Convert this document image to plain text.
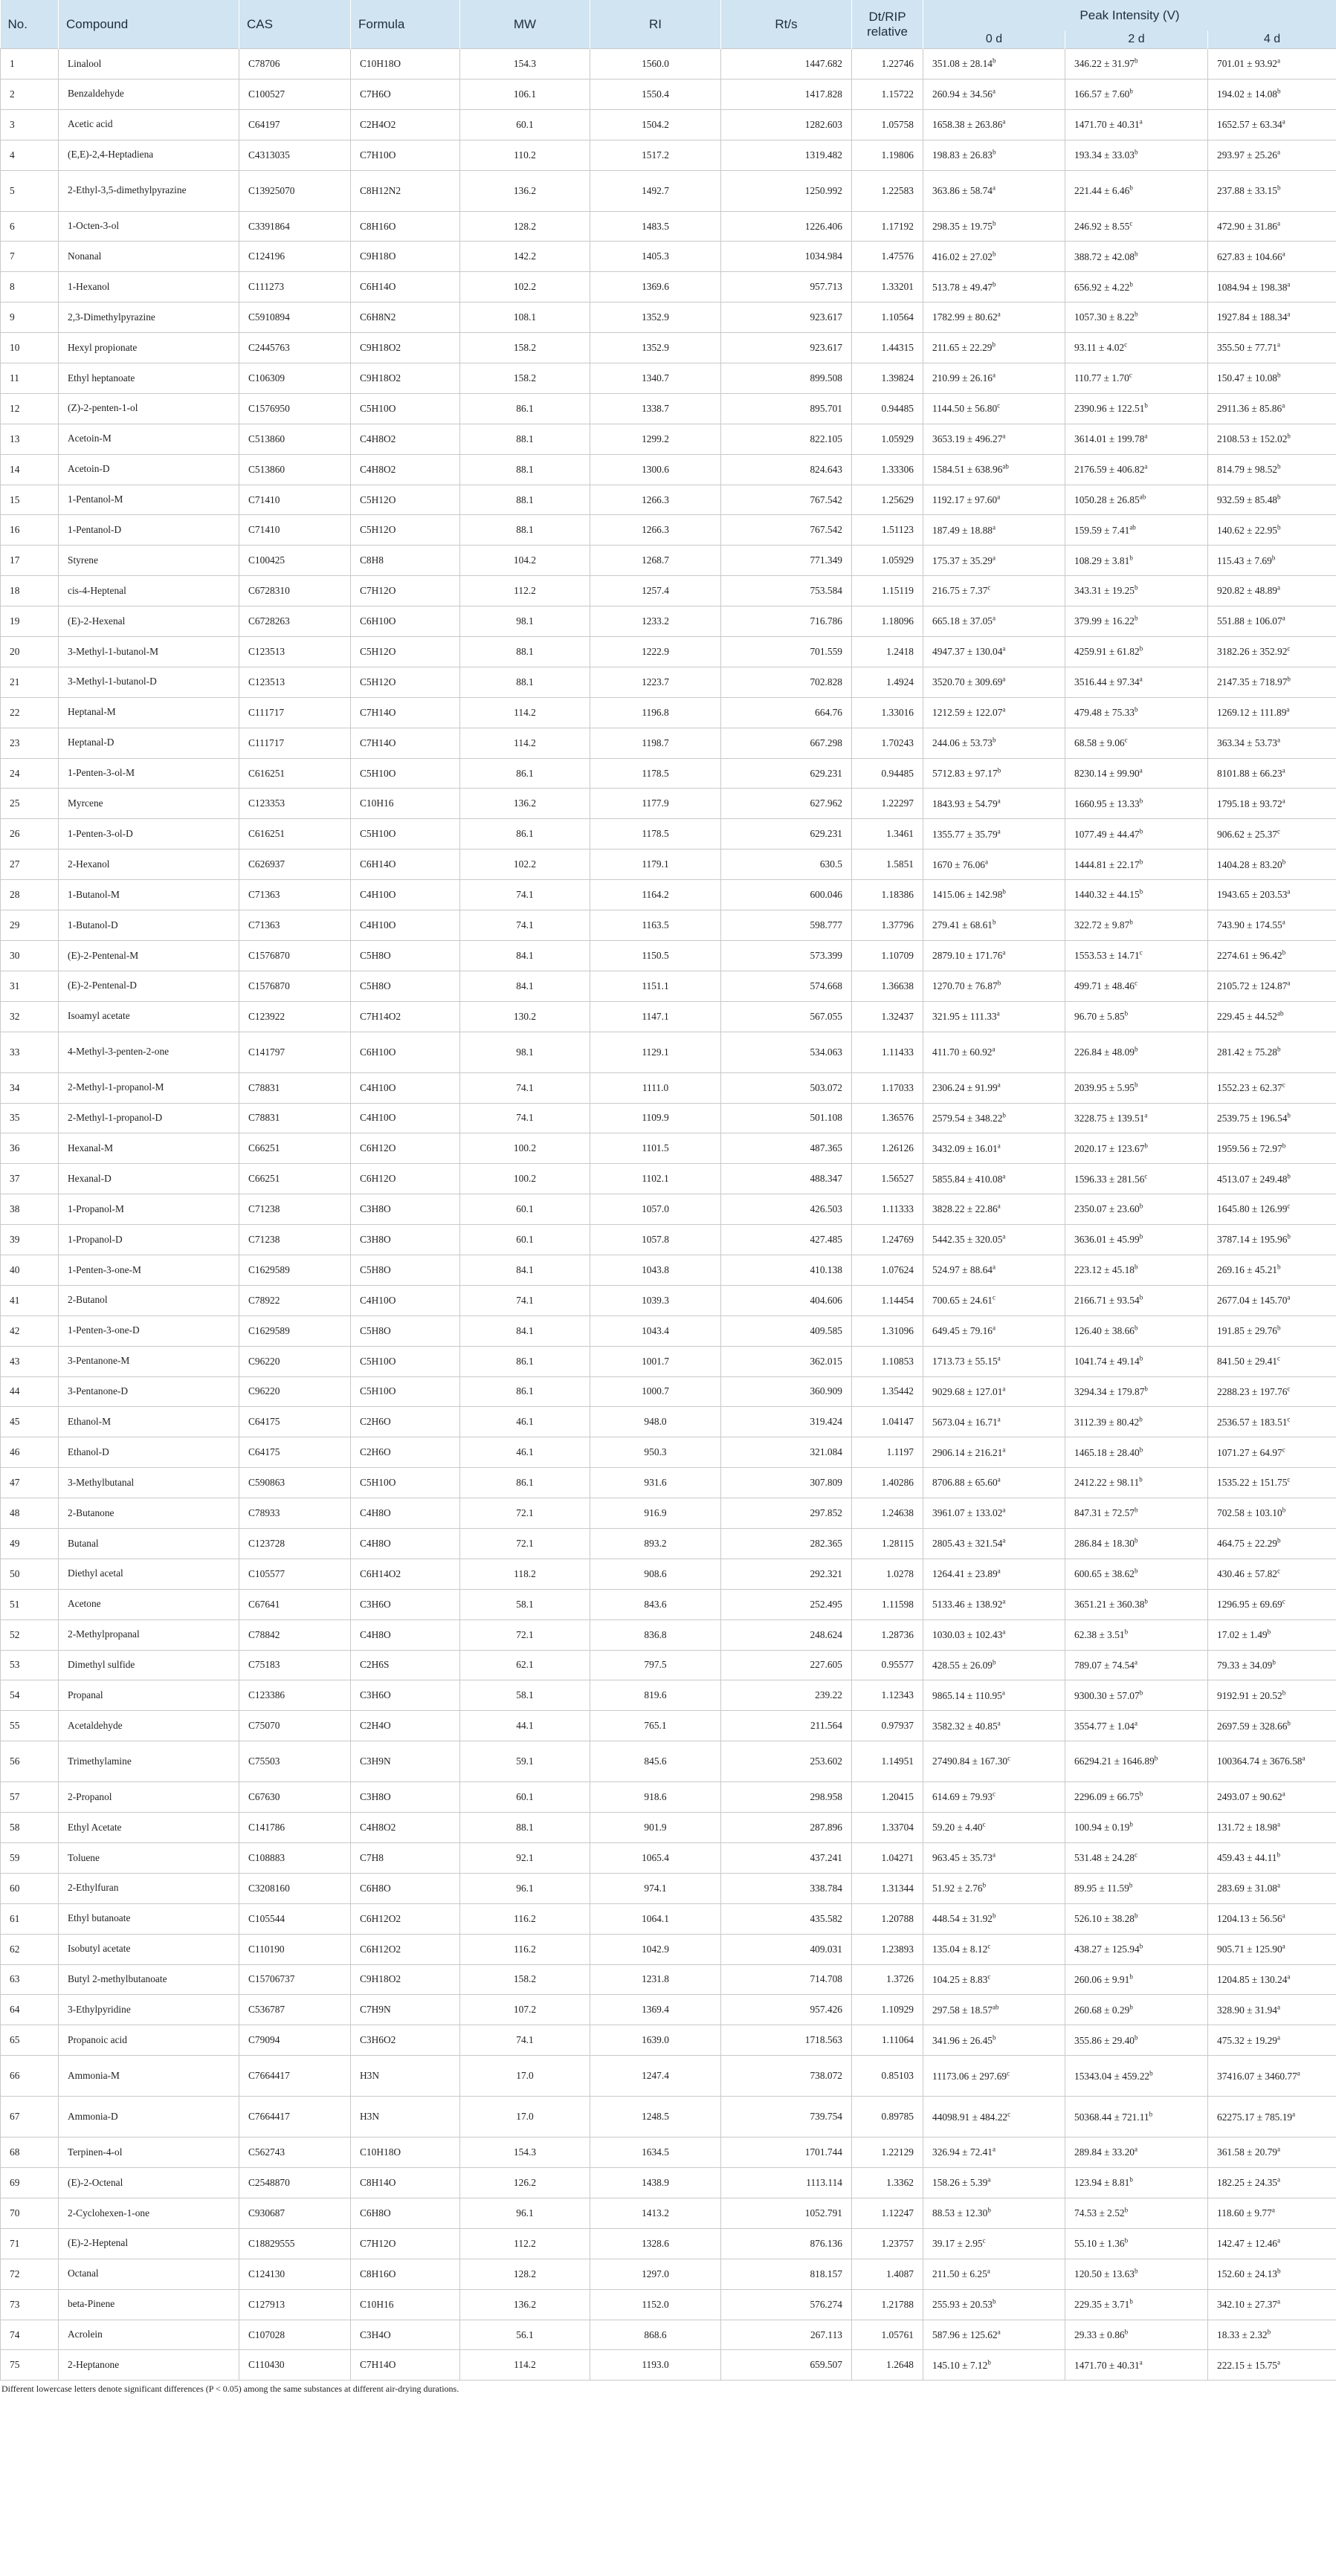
No.	Compound	CAS	Formula	MW	RI	Rt/s	Dt/RIP relative	Peak Intensity (V)		
								0 d	2 d	4 d
1	Linalool	C78706	C10H18O	154.3	1560.0	1447.682	1.22746	351.08 ± 28.14$^b$	346.22 ± 31.97$^b$	701.01 ± 93.92$^a$
2	Benzaldehyde	C100527	C7H6O	106.1	1550.4	1417.828	1.15722	260.94 ± 34.56$^a$	166.57 ± 7.60$^b$	194.02 ± 14.08$^b$
3	Acetic acid	C64197	C2H4O2	60.1	1504.2	1282.603	1.05758	1658.38 ± 263.86$^a$	1471.70 ± 40.31$^a$	1652.57 ± 63.34$^a$
4	(E,E)-2,4-Heptadiena	C4313035	C7H10O	110.2	1517.2	1319.482	1.19806	198.83 ± 26.83$^b$	193.34 ± 33.03$^b$	293.97 ± 25.26$^a$
5	2-Ethyl-3,5-dimethylpyrazine	C13925070	C8H12N2	136.2	1492.7	1250.992	1.22583	363.86 ± 58.74$^a$	221.44 ± 6.46$^b$	237.88 ± 33.15$^b$
6	1-Octen-3-ol	C3391864	C8H16O	128.2	1483.5	1226.406	1.17192	298.35 ± 19.75$^b$	246.92 ± 8.55$^c$	472.90 ± 31.86$^a$
7	Nonanal	C124196	C9H18O	142.2	1405.3	1034.984	1.47576	416.02 ± 27.02$^b$	388.72 ± 42.08$^b$	627.83 ± 104.66$^a$
8	1-Hexanol	C111273	C6H14O	102.2	1369.6	957.713	1.33201	513.78 ± 49.47$^b$	656.92 ± 4.22$^b$	1084.94 ± 198.38$^a$
9	2,3-Dimethylpyrazine	C5910894	C6H8N2	108.1	1352.9	923.617	1.10564	1782.99 ± 80.62$^a$	1057.30 ± 8.22$^b$	1927.84 ± 188.34$^a$
10	Hexyl propionate	C2445763	C9H18O2	158.2	1352.9	923.617	1.44315	211.65 ± 22.29$^b$	93.11 ± 4.02$^c$	355.50 ± 77.71$^a$
11	Ethyl heptanoate	C106309	C9H18O2	158.2	1340.7	899.508	1.39824	210.99 ± 26.16$^a$	110.77 ± 1.70$^c$	150.47 ± 10.08$^b$
12	(Z)-2-penten-1-ol	C1576950	C5H10O	86.1	1338.7	895.701	0.94485	1144.50 ± 56.80$^c$	2390.96 ± 122.51$^b$	2911.36 ± 85.86$^a$
13	Acetoin-M	C513860	C4H8O2	88.1	1299.2	822.105	1.05929	3653.19 ± 496.27$^a$	3614.01 ± 199.78$^a$	2108.53 ± 152.02$^b$
14	Acetoin-D	C513860	C4H8O2	88.1	1300.6	824.643	1.33306	1584.51 ± 638.96$^{ab}$	2176.59 ± 406.82$^a$	814.79 ± 98.52$^b$
15	1-Pentanol-M	C71410	C5H12O	88.1	1266.3	767.542	1.25629	1192.17 ± 97.60$^a$	1050.28 ± 26.85$^{ab}$	932.59 ± 85.48$^b$
16	1-Pentanol-D	C71410	C5H12O	88.1	1266.3	767.542	1.51123	187.49 ± 18.88$^a$	159.59 ± 7.41$^{ab}$	140.62 ± 22.95$^b$
17	Styrene	C100425	C8H8	104.2	1268.7	771.349	1.05929	175.37 ± 35.29$^a$	108.29 ± 3.81$^b$	115.43 ± 7.69$^b$
18	cis-4-Heptenal	C6728310	C7H12O	112.2	1257.4	753.584	1.15119	216.75 ± 7.37$^c$	343.31 ± 19.25$^b$	920.82 ± 48.89$^a$
19	(E)-2-Hexenal	C6728263	C6H10O	98.1	1233.2	716.786	1.18096	665.18 ± 37.05$^a$	379.99 ± 16.22$^b$	551.88 ± 106.07$^a$
20	3-Methyl-1-butanol-M	C123513	C5H12O	88.1	1222.9	701.559	1.2418	4947.37 ± 130.04$^a$	4259.91 ± 61.82$^b$	3182.26 ± 352.92$^c$
21	3-Methyl-1-butanol-D	C123513	C5H12O	88.1	1223.7	702.828	1.4924	3520.70 ± 309.69$^a$	3516.44 ± 97.34$^a$	2147.35 ± 718.97$^b$
22	Heptanal-M	C111717	C7H14O	114.2	1196.8	664.76	1.33016	1212.59 ± 122.07$^a$	479.48 ± 75.33$^b$	1269.12 ± 111.89$^a$
23	Heptanal-D	C111717	C7H14O	114.2	1198.7	667.298	1.70243	244.06 ± 53.73$^b$	68.58 ± 9.06$^c$	363.34 ± 53.73$^a$
24	1-Penten-3-ol-M	C616251	C5H10O	86.1	1178.5	629.231	0.94485	5712.83 ± 97.17$^b$	8230.14 ± 99.90$^a$	8101.88 ± 66.23$^a$
25	Myrcene	C123353	C10H16	136.2	1177.9	627.962	1.22297	1843.93 ± 54.79$^a$	1660.95 ± 13.33$^b$	1795.18 ± 93.72$^a$
26	1-Penten-3-ol-D	C616251	C5H10O	86.1	1178.5	629.231	1.3461	1355.77 ± 35.79$^a$	1077.49 ± 44.47$^b$	906.62 ± 25.37$^c$
27	2-Hexanol	C626937	C6H14O	102.2	1179.1	630.5	1.5851	1670 ± 76.06$^a$	1444.81 ± 22.17$^b$	1404.28 ± 83.20$^b$
28	1-Butanol-M	C71363	C4H10O	74.1	1164.2	600.046	1.18386	1415.06 ± 142.98$^b$	1440.32 ± 44.15$^b$	1943.65 ± 203.53$^a$
29	1-Butanol-D	C71363	C4H10O	74.1	1163.5	598.777	1.37796	279.41 ± 68.61$^b$	322.72 ± 9.87$^b$	743.90 ± 174.55$^a$
30	(E)-2-Pentenal-M	C1576870	C5H8O	84.1	1150.5	573.399	1.10709	2879.10 ± 171.76$^a$	1553.53 ± 14.71$^c$	2274.61 ± 96.42$^b$
31	(E)-2-Pentenal-D	C1576870	C5H8O	84.1	1151.1	574.668	1.36638	1270.70 ± 76.87$^b$	499.71 ± 48.46$^c$	2105.72 ± 124.87$^a$
32	Isoamyl acetate	C123922	C7H14O2	130.2	1147.1	567.055	1.32437	321.95 ± 111.33$^a$	96.70 ± 5.85$^b$	229.45 ± 44.52$^{ab}$
33	4-Methyl-3-penten-2-one	C141797	C6H10O	98.1	1129.1	534.063	1.11433	411.70 ± 60.92$^a$	226.84 ± 48.09$^b$	281.42 ± 75.28$^b$
34	2-Methyl-1-propanol-M	C78831	C4H10O	74.1	1111.0	503.072	1.17033	2306.24 ± 91.99$^a$	2039.95 ± 5.95$^b$	1552.23 ± 62.37$^c$
35	2-Methyl-1-propanol-D	C78831	C4H10O	74.1	1109.9	501.108	1.36576	2579.54 ± 348.22$^b$	3228.75 ± 139.51$^a$	2539.75 ± 196.54$^b$
36	Hexanal-M	C66251	C6H12O	100.2	1101.5	487.365	1.26126	3432.09 ± 16.01$^a$	2020.17 ± 123.67$^b$	1959.56 ± 72.97$^b$
37	Hexanal-D	C66251	C6H12O	100.2	1102.1	488.347	1.56527	5855.84 ± 410.08$^a$	1596.33 ± 281.56$^c$	4513.07 ± 249.48$^b$
38	1-Propanol-M	C71238	C3H8O	60.1	1057.0	426.503	1.11333	3828.22 ± 22.86$^a$	2350.07 ± 23.60$^b$	1645.80 ± 126.99$^c$
39	1-Propanol-D	C71238	C3H8O	60.1	1057.8	427.485	1.24769	5442.35 ± 320.05$^a$	3636.01 ± 45.99$^b$	3787.14 ± 195.96$^b$
40	1-Penten-3-one-M	C1629589	C5H8O	84.1	1043.8	410.138	1.07624	524.97 ± 88.64$^a$	223.12 ± 45.18$^b$	269.16 ± 45.21$^b$
41	2-Butanol	C78922	C4H10O	74.1	1039.3	404.606	1.14454	700.65 ± 24.61$^c$	2166.71 ± 93.54$^b$	2677.04 ± 145.70$^a$
42	1-Penten-3-one-D	C1629589	C5H8O	84.1	1043.4	409.585	1.31096	649.45 ± 79.16$^a$	126.40 ± 38.66$^b$	191.85 ± 29.76$^b$
43	3-Pentanone-M	C96220	C5H10O	86.1	1001.7	362.015	1.10853	1713.73 ± 55.15$^a$	1041.74 ± 49.14$^b$	841.50 ± 29.41$^c$
44	3-Pentanone-D	C96220	C5H10O	86.1	1000.7	360.909	1.35442	9029.68 ± 127.01$^a$	3294.34 ± 179.87$^b$	2288.23 ± 197.76$^c$
45	Ethanol-M	C64175	C2H6O	46.1	948.0	319.424	1.04147	5673.04 ± 16.71$^a$	3112.39 ± 80.42$^b$	2536.57 ± 183.51$^c$
46	Ethanol-D	C64175	C2H6O	46.1	950.3	321.084	1.1197	2906.14 ± 216.21$^a$	1465.18 ± 28.40$^b$	1071.27 ± 64.97$^c$
47	3-Methylbutanal	C590863	C5H10O	86.1	931.6	307.809	1.40286	8706.88 ± 65.60$^a$	2412.22 ± 98.11$^b$	1535.22 ± 151.75$^c$
48	2-Butanone	C78933	C4H8O	72.1	916.9	297.852	1.24638	3961.07 ± 133.02$^a$	847.31 ± 72.57$^b$	702.58 ± 103.10$^b$
49	Butanal	C123728	C4H8O	72.1	893.2	282.365	1.28115	2805.43 ± 321.54$^a$	286.84 ± 18.30$^b$	464.75 ± 22.29$^b$
50	Diethyl acetal	C105577	C6H14O2	118.2	908.6	292.321	1.0278	1264.41 ± 23.89$^a$	600.65 ± 38.62$^b$	430.46 ± 57.82$^c$
51	Acetone	C67641	C3H6O	58.1	843.6	252.495	1.11598	5133.46 ± 138.92$^a$	3651.21 ± 360.38$^b$	1296.95 ± 69.69$^c$
52	2-Methylpropanal	C78842	C4H8O	72.1	836.8	248.624	1.28736	1030.03 ± 102.43$^a$	62.38 ± 3.51$^b$	17.02 ± 1.49$^b$
53	Dimethyl sulfide	C75183	C2H6S	62.1	797.5	227.605	0.95577	428.55 ± 26.09$^b$	789.07 ± 74.54$^a$	79.33 ± 34.09$^b$
54	Propanal	C123386	C3H6O	58.1	819.6	239.22	1.12343	9865.14 ± 110.95$^a$	9300.30 ± 57.07$^b$	9192.91 ± 20.52$^b$
55	Acetaldehyde	C75070	C2H4O	44.1	765.1	211.564	0.97937	3582.32 ± 40.85$^a$	3554.77 ± 1.04$^a$	2697.59 ± 328.66$^b$
56	Trimethylamine	C75503	C3H9N	59.1	845.6	253.602	1.14951	27490.84 ± 167.30$^c$	66294.21 ± 1646.89$^b$	100364.74 ± 3676.58$^a$
57	2-Propanol	C67630	C3H8O	60.1	918.6	298.958	1.20415	614.69 ± 79.93$^c$	2296.09 ± 66.75$^b$	2493.07 ± 90.62$^a$
58	Ethyl Acetate	C141786	C4H8O2	88.1	901.9	287.896	1.33704	59.20 ± 4.40$^c$	100.94 ± 0.19$^b$	131.72 ± 18.98$^a$
59	Toluene	C108883	C7H8	92.1	1065.4	437.241	1.04271	963.45 ± 35.73$^a$	531.48 ± 24.28$^c$	459.43 ± 44.11$^b$
60	2-Ethylfuran	C3208160	C6H8O	96.1	974.1	338.784	1.31344	51.92 ± 2.76$^b$	89.95 ± 11.59$^b$	283.69 ± 31.08$^a$
61	Ethyl butanoate	C105544	C6H12O2	116.2	1064.1	435.582	1.20788	448.54 ± 31.92$^b$	526.10 ± 38.28$^b$	1204.13 ± 56.56$^a$
62	Isobutyl acetate	C110190	C6H12O2	116.2	1042.9	409.031	1.23893	135.04 ± 8.12$^c$	438.27 ± 125.94$^b$	905.71 ± 125.90$^a$
63	Butyl 2-methylbutanoate	C15706737	C9H18O2	158.2	1231.8	714.708	1.3726	104.25 ± 8.83$^c$	260.06 ± 9.91$^b$	1204.85 ± 130.24$^a$
64	3-Ethylpyridine	C536787	C7H9N	107.2	1369.4	957.426	1.10929	297.58 ± 18.57$^{ab}$	260.68 ± 0.29$^b$	328.90 ± 31.94$^a$
65	Propanoic acid	C79094	C3H6O2	74.1	1639.0	1718.563	1.11064	341.96 ± 26.45$^b$	355.86 ± 29.40$^b$	475.32 ± 19.29$^a$
66	Ammonia-M	C7664417	H3N	17.0	1247.4	738.072	0.85103	11173.06 ± 297.69$^c$	15343.04 ± 459.22$^b$	37416.07 ± 3460.77$^a$
67	Ammonia-D	C7664417	H3N	17.0	1248.5	739.754	0.89785	44098.91 ± 484.22$^c$	50368.44 ± 721.11$^b$	62275.17 ± 785.19$^a$
68	Terpinen-4-ol	C562743	C10H18O	154.3	1634.5	1701.744	1.22129	326.94 ± 72.41$^a$	289.84 ± 33.20$^a$	361.58 ± 20.79$^a$
69	(E)-2-Octenal	C2548870	C8H14O	126.2	1438.9	1113.114	1.3362	158.26 ± 5.39$^a$	123.94 ± 8.81$^b$	182.25 ± 24.35$^a$
70	2-Cyclohexen-1-one	C930687	C6H8O	96.1	1413.2	1052.791	1.12247	88.53 ± 12.30$^b$	74.53 ± 2.52$^b$	118.60 ± 9.77$^a$
71	(E)-2-Heptenal	C18829555	C7H12O	112.2	1328.6	876.136	1.23757	39.17 ± 2.95$^c$	55.10 ± 1.36$^b$	142.47 ± 12.46$^a$
72	Octanal	C124130	C8H16O	128.2	1297.0	818.157	1.4087	211.50 ± 6.25$^a$	120.50 ± 13.63$^b$	152.60 ± 24.13$^b$
73	beta-Pinene	C127913	C10H16	136.2	1152.0	576.274	1.21788	255.93 ± 20.53$^b$	229.35 ± 3.71$^b$	342.10 ± 27.37$^a$
74	Acrolein	C107028	C3H4O	56.1	868.6	267.113	1.05761	587.96 ± 125.62$^a$	29.33 ± 0.86$^b$	18.33 ± 2.32$^b$
75	2-Heptanone	C110430	C7H14O	114.2	1193.0	659.507	1.2648	145.10 ± 7.12$^b$	1471.70 ± 40.31$^a$	222.15 ± 15.75$^a$
Different lowercase letters denote significant differences (P < 0.05) among the same substances at different air-drying durations.
